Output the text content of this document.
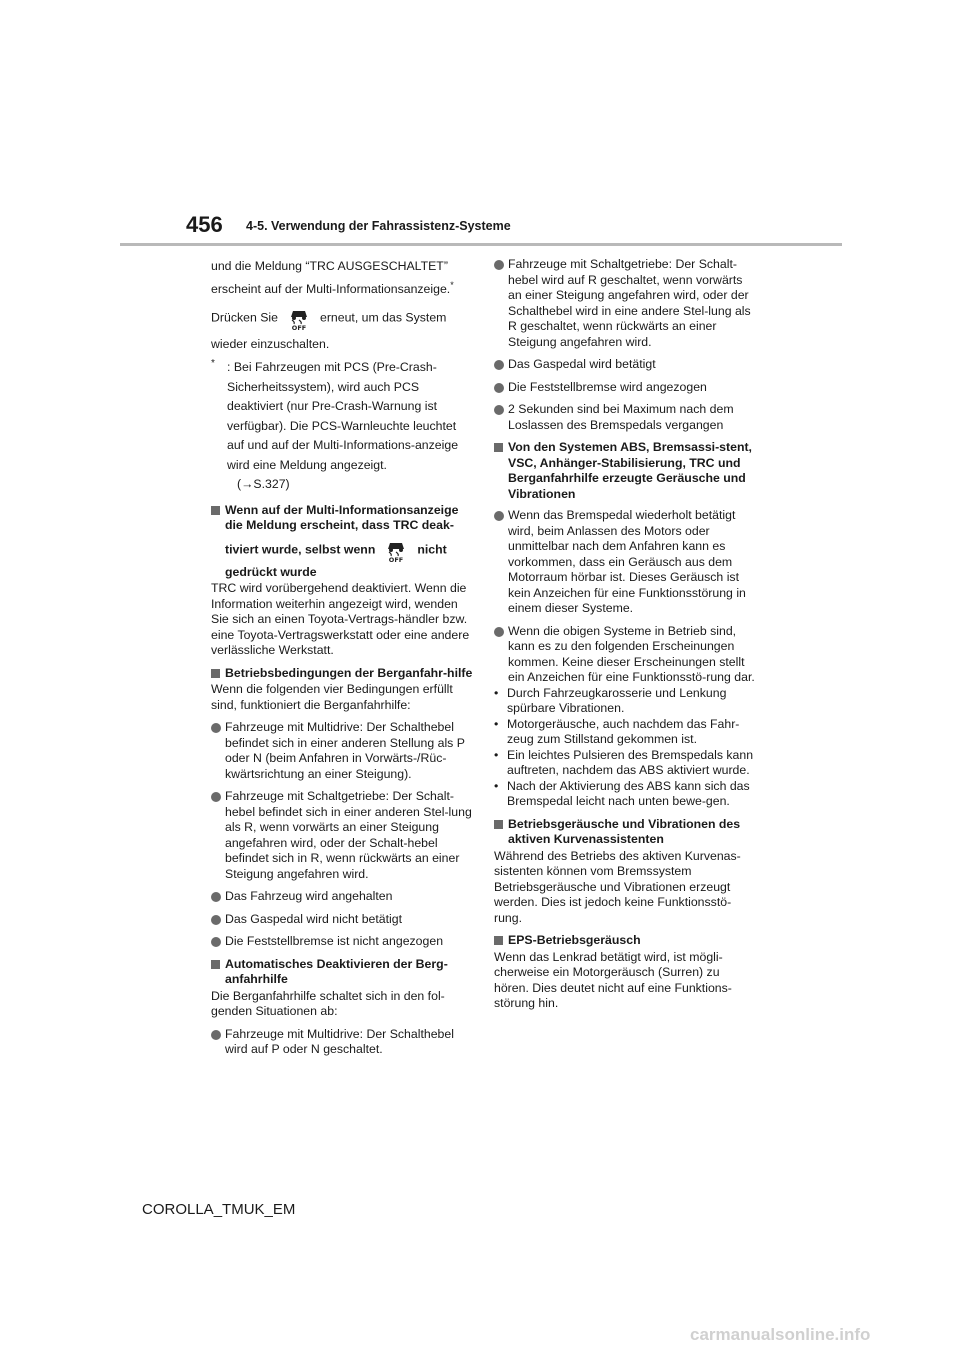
456 4-5. Verwendung der Fahrassistenz-Systeme

und die Meldung “TRC AUSGESCHALTET”

erscheint auf der Multi-Informationsanzeige.*

Drücken Sie
OFF
erneut, um das System

wieder einzuschalten.

* : Bei Fahrzeugen mit PCS (Pre-Crash-Sicherheitssystem), wird auch PCS deaktiviert (nur Pre-Crash-Warnung ist verfügbar). Die PCS-Warnleuchte leuchtet auf und auf der Multi-Informations-anzeige wird eine Meldung angezeigt.
(→S.327)
Wenn auf der Multi-Informationsanzeige die Meldung erscheint, dass TRC deak-
tiviert wurde, selbst wenn
OFF
nicht
gedrückt wurde

TRC wird vorübergehend deaktiviert. Wenn die Information weiterhin angezeigt wird, wenden Sie sich an einen Toyota-Vertrags-händler bzw. eine Toyota-Vertragswerkstatt oder eine andere verlässliche Werkstatt.

Betriebsbedingungen der Berganfahr-hilfe

Wenn die folgenden vier Bedingungen erfüllt sind, funktioniert die Berganfahrhilfe:

Fahrzeuge mit Multidrive: Der Schalthebel befindet sich in einer anderen Stellung als P oder N (beim Anfahren in Vorwärts-/Rüc-kwärtsrichtung an einer Steigung).
Fahrzeuge mit Schaltgetriebe: Der Schalt-hebel befindet sich in einer anderen Stel-lung als R, wenn vorwärts an einer Steigung angefahren wird, oder der Schalt-hebel befindet sich in R, wenn rückwärts an einer Steigung angefahren wird.
Das Fahrzeug wird angehalten
Das Gaspedal wird nicht betätigt
Die Feststellbremse ist nicht angezogen
Automatisches Deaktivieren der Berg-anfahrhilfe

Die Berganfahrhilfe schaltet sich in den fol-genden Situationen ab:

Fahrzeuge mit Multidrive: Der Schalthebel wird auf P oder N geschaltet.
Fahrzeuge mit Schaltgetriebe: Der Schalt-hebel wird auf R geschaltet, wenn vorwärts an einer Steigung angefahren wird, oder der Schalthebel wird in eine andere Stel-lung als R geschaltet, wenn rückwärts an einer Steigung angefahren wird.
Das Gaspedal wird betätigt
Die Feststellbremse wird angezogen
2 Sekunden sind bei Maximum nach dem Loslassen des Bremspedals vergangen
Von den Systemen ABS, Bremsassi-stent, VSC, Anhänger-Stabilisierung, TRC und Berganfahrhilfe erzeugte Geräusche und Vibrationen
Wenn das Bremspedal wiederholt betätigt wird, beim Anlassen des Motors oder unmittelbar nach dem Anfahren kann es vorkommen, dass ein Geräusch aus dem Motorraum hörbar ist. Dieses Geräusch ist kein Anzeichen für eine Funktionsstörung in einem dieser Systeme.
Wenn die obigen Systeme in Betrieb sind, kann es zu den folgenden Erscheinungen kommen. Keine dieser Erscheinungen stellt ein Anzeichen für eine Funktionsstö-rung dar.
• Durch Fahrzeugkarosserie und Lenkung spürbare Vibrationen.
• Motorgeräusche, auch nachdem das Fahr-zeug zum Stillstand gekommen ist.
• Ein leichtes Pulsieren des Bremspedals kann auftreten, nachdem das ABS aktiviert wurde.
• Nach der Aktivierung des ABS kann sich das Bremspedal leicht nach unten bewe-gen.
Betriebsgeräusche und Vibrationen des aktiven Kurvenassistenten

Während des Betriebs des aktiven Kurvenas-sistenten können vom Bremssystem Betriebsgeräusche und Vibrationen erzeugt werden. Dies ist jedoch keine Funktionsstö-rung.

EPS-Betriebsgeräusch

Wenn das Lenkrad betätigt wird, ist mögli-cherweise ein Motorgeräusch (Surren) zu hören. Dies deutet nicht auf eine Funktions-störung hin.

COROLLA_TMUK_EM

carmanualsonline.info
